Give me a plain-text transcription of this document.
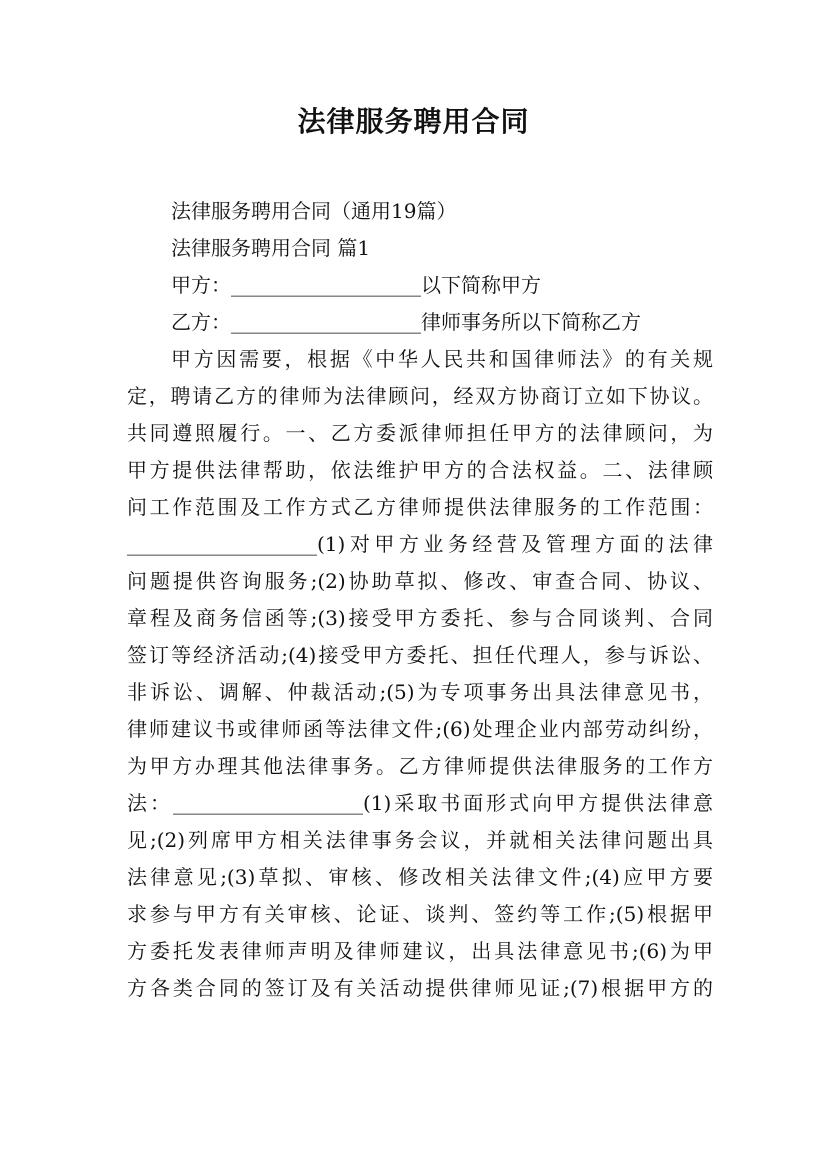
法律服务聘用合同
法律服务聘用合同（通用19篇）
法律服务聘用合同 篇1
甲方：___________________以下简称甲方
乙方：___________________律师事务所以下简称乙方
甲方因需要，根据《中华人民共和国律师法》的有关规
定，聘请乙方的律师为法律顾问，经双方协商订立如下协议。
共同遵照履行。一、乙方委派律师担任甲方的法律顾问，为
甲方提供法律帮助，依法维护甲方的合法权益。二、法律顾
问工作范围及工作方式乙方律师提供法律服务的工作范围：
___________________(1)对甲方业务经营及管理方面的法律
问题提供咨询服务;(2)协助草拟、修改、审查合同、协议、
章程及商务信函等;(3)接受甲方委托、参与合同谈判、合同
签订等经济活动;(4)接受甲方委托、担任代理人，参与诉讼、
非诉讼、调解、仲裁活动;(5)为专项事务出具法律意见书，
律师建议书或律师函等法律文件;(6)处理企业内部劳动纠纷，
为甲方办理其他法律事务。乙方律师提供法律服务的工作方
法：___________________(1)采取书面形式向甲方提供法律意
见;(2)列席甲方相关法律事务会议，并就相关法律问题出具
法律意见;(3)草拟、审核、修改相关法律文件;(4)应甲方要
求参与甲方有关审核、论证、谈判、签约等工作;(5)根据甲
方委托发表律师声明及律师建议，出具法律意见书;(6)为甲
方各类合同的签订及有关活动提供律师见证;(7)根据甲方的
